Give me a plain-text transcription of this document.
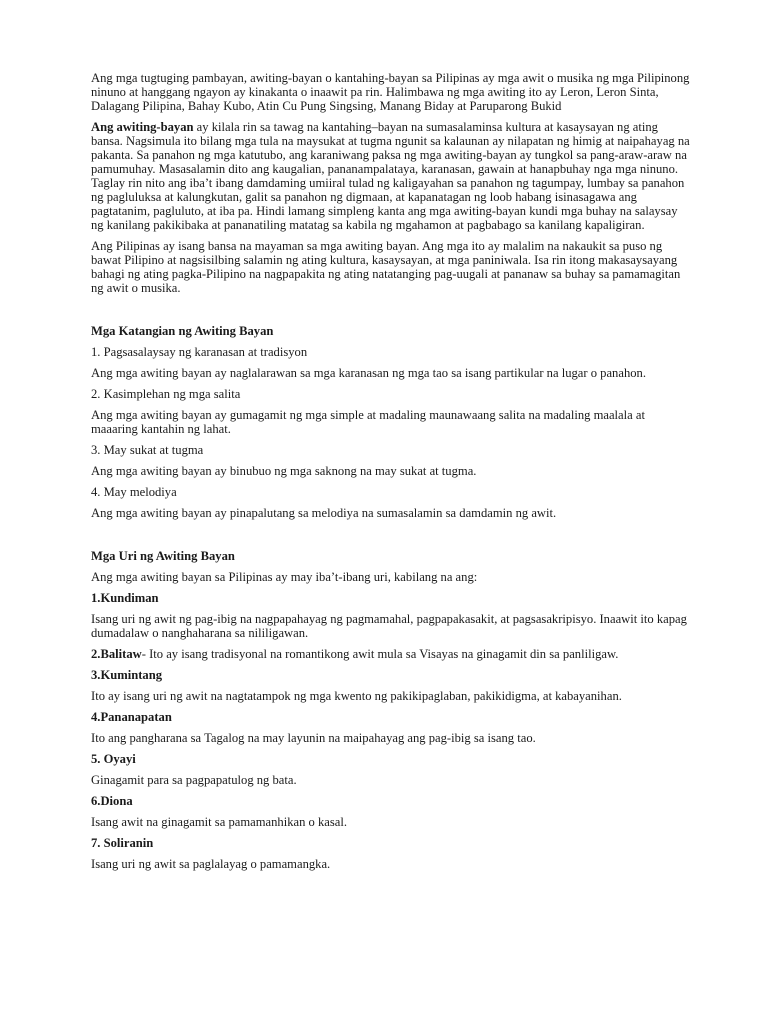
Ang mga tugtuging pambayan, awiting-bayan o kantahing-bayan sa Pilipinas ay mga awit o musika ng mga Pilipinong ninuno at hanggang ngayon ay kinakanta o inaawit pa rin. Halimbawa ng mga awiting ito ay Leron, Leron Sinta, Dalagang Pilipina, Bahay Kubo, Atin Cu Pung Singsing, Manang Biday at Paruparong Bukid

Ang awiting-bayan ay kilala rin sa tawag na kantahing–bayan na sumasalaminsa kultura at kasaysayan ng ating bansa. Nagsimula ito bilang mga tula na maysukat at tugma ngunit sa kalaunan ay nilapatan ng himig at naipahayag na pakanta. Sa panahon ng mga katutubo, ang karaniwang paksa ng mga awiting-bayan ay tungkol sa pang-araw-araw na pamumuhay. Masasalamin dito ang kaugalian, pananampalataya, karanasan, gawain at hanapbuhay nga mga ninuno. Taglay rin nito ang iba’t ibang damdaming umiiral tulad ng kaligayahan sa panahon ng tagumpay, lumbay sa panahon ng pagluluksa at kalungkutan, galit sa panahon ng digmaan, at kapanatagan ng loob habang isinasagawa ang pagtatanim, pagluluto, at iba pa. Hindi lamang simpleng kanta ang mga awiting-bayan kundi mga buhay na salaysay ng kanilang pakikibaka at pananatiling matatag sa kabila ng mgahamon at pagbabago sa kanilang kapaligiran.

Ang Pilipinas ay isang bansa na mayaman sa mga awiting bayan. Ang mga ito ay malalim na nakaukit sa puso ng bawat Pilipino at nagsisilbing salamin ng ating kultura, kasaysayan, at mga paniniwala. Isa rin itong makasaysayang bahagi ng ating pagka-Pilipino na nagpapakita ng ating natatanging pag-uugali at pananaw sa buhay sa pamamagitan ng awit o musika.

Mga Katangian ng Awiting Bayan

1. Pagsasalaysay ng karanasan at tradisyon

Ang mga awiting bayan ay naglalarawan sa mga karanasan ng mga tao sa isang partikular na lugar o panahon.

2. Kasimplehan ng mga salita

Ang mga awiting bayan ay gumagamit ng mga simple at madaling maunawaang salita na madaling maalala at maaaring kantahin ng lahat.

3. May sukat at tugma

Ang mga awiting bayan ay binubuo ng mga saknong na may sukat at tugma.

4. May melodiya

Ang mga awiting bayan ay pinapalutang sa melodiya na sumasalamin sa damdamin ng awit.

Mga Uri ng Awiting Bayan

Ang mga awiting bayan sa Pilipinas ay may iba’t-ibang uri, kabilang na ang:

1.Kundiman

Isang uri ng awit ng pag-ibig na nagpapahayag ng pagmamahal, pagpapakasakit, at pagsasakripisyo. Inaawit ito kapag dumadalaw o nanghaharana sa nililigawan.

2.Balitaw- Ito ay isang tradisyonal na romantikong awit mula sa Visayas na ginagamit din sa panliligaw.

3.Kumintang

Ito ay isang uri ng awit na nagtatampok ng mga kwento ng pakikipaglaban, pakikidigma, at kabayanihan.

4.Pananapatan

Ito ang pangharana sa Tagalog na may layunin na maipahayag ang pag-ibig sa isang tao.

5. Oyayi

Ginagamit para sa pagpapatulog ng bata.

6.Diona

Isang awit na ginagamit sa pamamanhikan o kasal.

7. Soliranin

Isang uri ng awit sa paglalayag o pamamangka.
